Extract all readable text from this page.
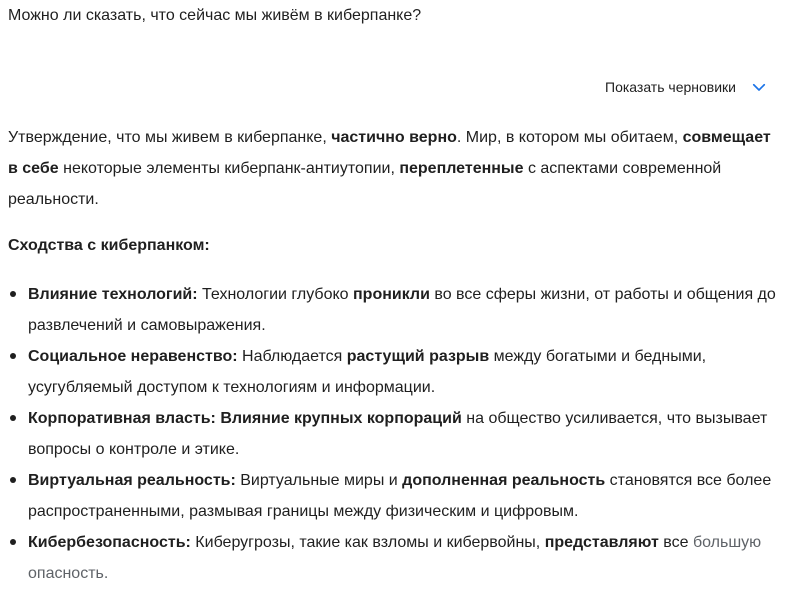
Можно ли сказать, что сейчас мы живём в киберпанке?
Показать черновики

Утверждение, что мы живем в киберпанке, частично верно. Мир, в котором мы обитаем, совмещает в себе некоторые элементы киберпанк-антиутопии, переплетенные с аспектами современной реальности.

Сходства с киберпанком:

Влияние технологий: Технологии глубоко проникли во все сферы жизни, от работы и общения до развлечений и самовыражения.
Социальное неравенство: Наблюдается растущий разрыв между богатыми и бедными, усугубляемый доступом к технологиям и информации.
Корпоративная власть: Влияние крупных корпораций на общество усиливается, что вызывает вопросы о контроле и этике.
Виртуальная реальность: Виртуальные миры и дополненная реальность становятся все более распространенными, размывая границы между физическим и цифровым.
Кибербезопасность: Киберугрозы, такие как взломы и кибервойны, представляют все большую опасность.
